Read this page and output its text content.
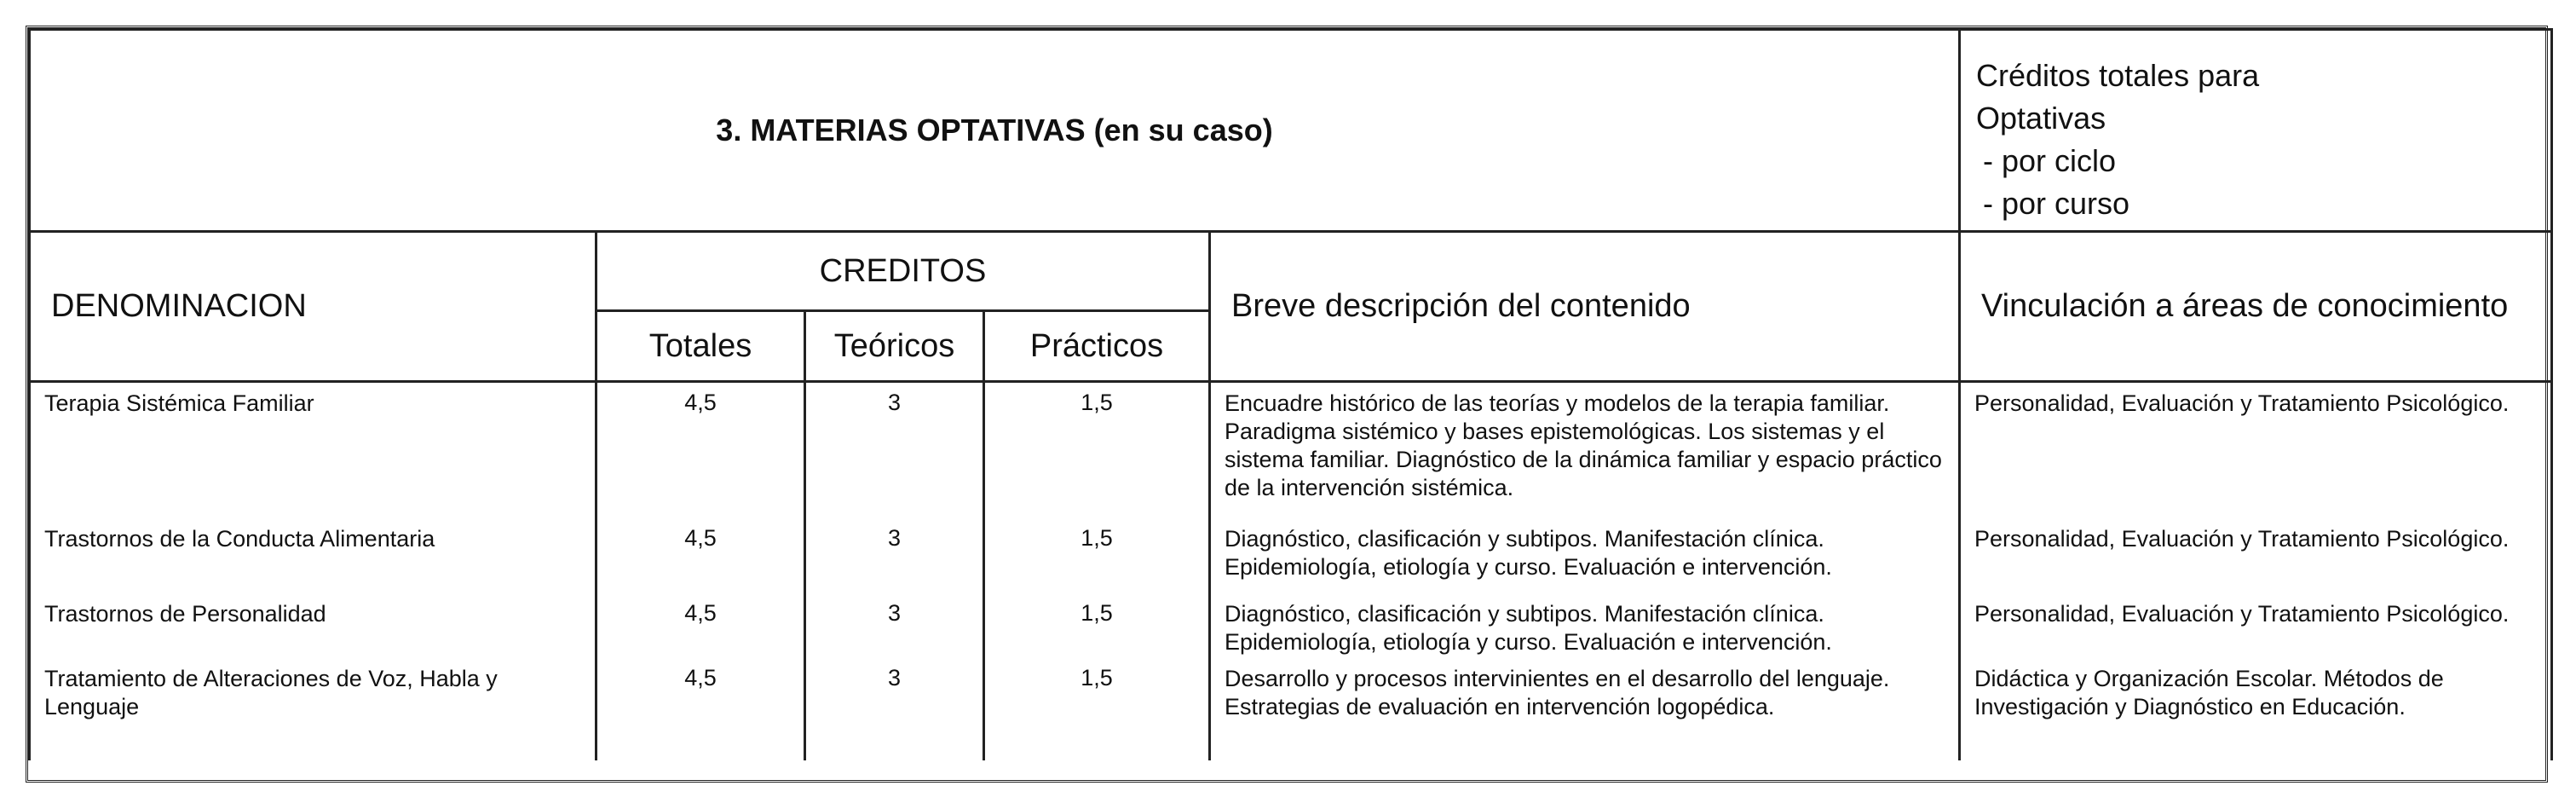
3. MATERIAS OPTATIVAS (en su caso)					Créditos totales para
Optativas
- por ciclo
- por curso

DENOMINACION	CREDITOS			Breve descripción del contenido	Vinculación a áreas de conocimiento
	Totales	Teóricos	Prácticos		
Terapia Sistémica Familiar	4,5	3	1,5	Encuadre histórico de las teorías y modelos de la terapia familiar. Paradigma sistémico y bases epistemológicas. Los sistemas y el sistema familiar. Diagnóstico de la dinámica familiar y espacio práctico de la intervención sistémica.	Personalidad, Evaluación y Tratamiento Psicológico.
Trastornos de la Conducta Alimentaria	4,5	3	1,5	Diagnóstico, clasificación y subtipos. Manifestación clínica. Epidemiología, etiología y curso. Evaluación e intervención.	Personalidad, Evaluación y Tratamiento Psicológico.
Trastornos de Personalidad	4,5	3	1,5	Diagnóstico, clasificación y subtipos. Manifestación clínica. Epidemiología, etiología y curso. Evaluación e intervención.	Personalidad, Evaluación y Tratamiento Psicológico.
Tratamiento de Alteraciones de Voz, Habla y Lenguaje	4,5	3	1,5	Desarrollo y procesos intervinientes en el desarrollo del lenguaje. Estrategias de evaluación en intervención logopédica.	Didáctica y Organización Escolar. Métodos de Investigación y Diagnóstico en Educación.
